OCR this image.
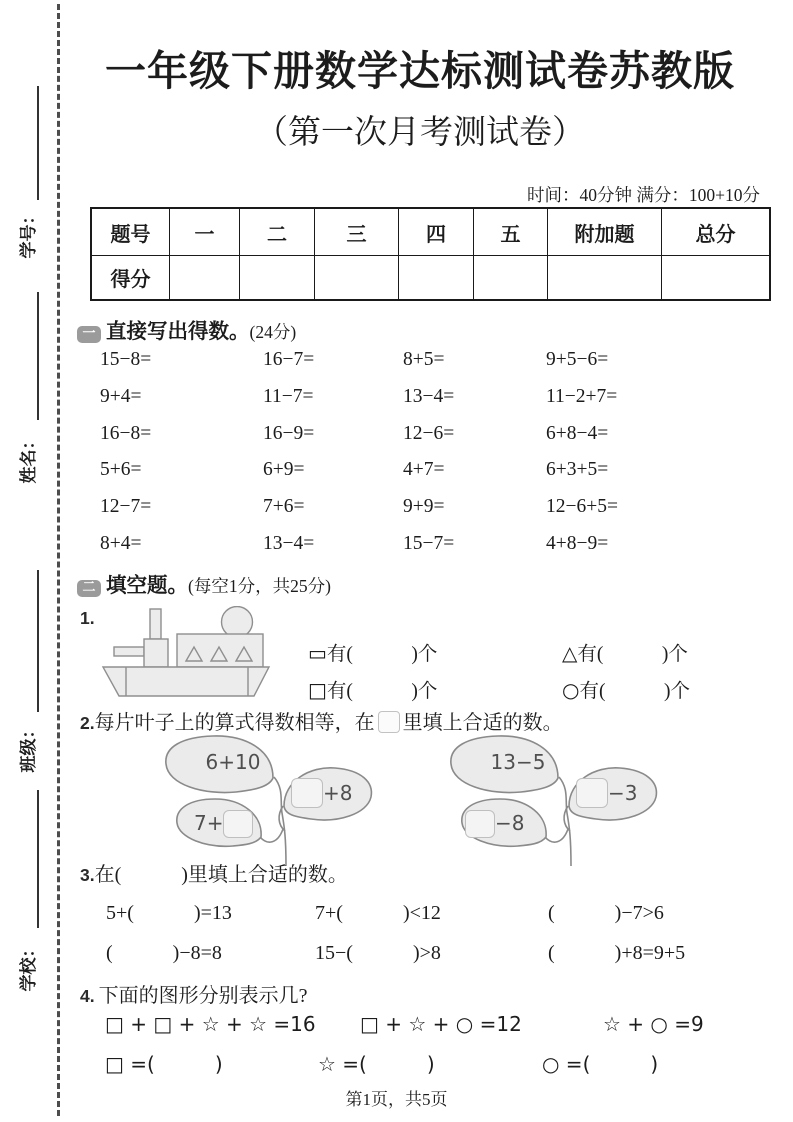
学号：
姓名：
班级：
学校：
一年级下册数学达标测试卷苏教版
（第一次月考测试卷）
时间：40分钟 满分：100+10分
题号	一	二	三	四	五	附加题	总分
得分							
一 直接写出得数。(24分)
15−8=	16−7=	8+5=	9+5−6=
9+4=	11−7=	13−4=	11−2+7=
16−8=	16−9=	12−6=	6+8−4=
5+6=	6+9=	4+7=	6+3+5=
12−7=	7+6=	9+9=	12−6+5=
8+4=	13−4=	15−7=	4+8−9=
二 填空题。(每空1分，共25分)
1.
▭有(　　　)个	△有(　　　)个
□有(　　　)个	○有(　　　)个
2.每片叶子上的算式得数相等，在 里填上合适的数。
6+10
+8
7+
13−5
−3
−8
3.在(　　　)里填上合适的数。
5+(　　　)=13	7+(　　　)<12	(　　　)−7>6
(　　　)−8=8	15−(　　　)>8	(　　　)+8=9+5
4. 下面的图形分别表示几?
□ + □ + ☆ + ☆ =16 □ + ☆ + ○ =12	☆ + ○ =9
□ =(　　　)	☆ =(　　　)	○ =(　　　)
第1页，共5页
